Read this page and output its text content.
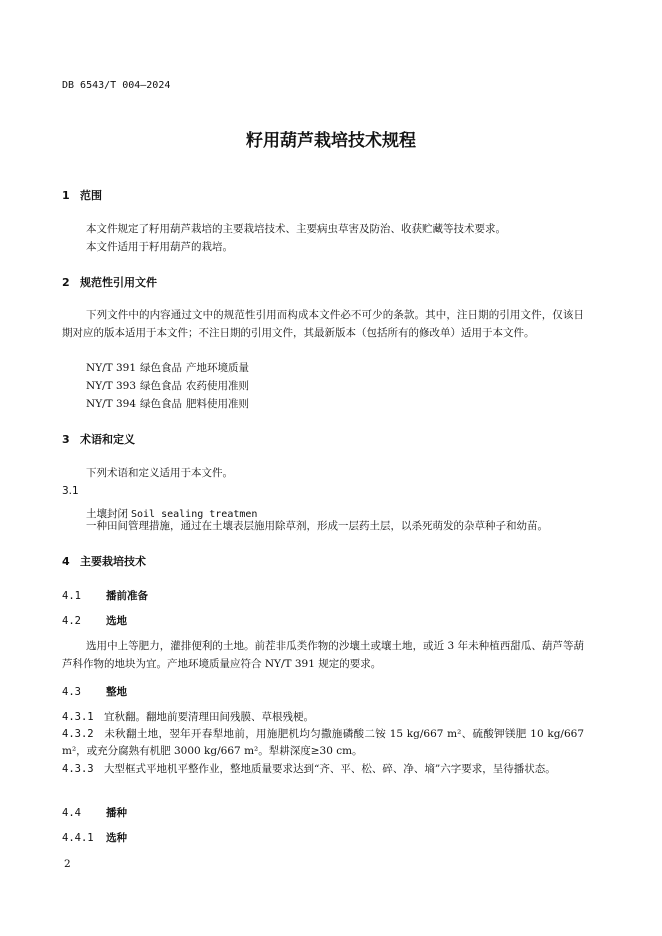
DB 6543/T 004—2024
籽用葫芦栽培技术规程
1 范围
本文件规定了籽用葫芦栽培的主要栽培技术、主要病虫草害及防治、收获贮藏等技术要求。
本文件适用于籽用葫芦的栽培。
2 规范性引用文件
下列文件中的内容通过文中的规范性引用而构成本文件必不可少的条款。其中，注日期的引用文件，仅该日期对应的版本适用于本文件；不注日期的引用文件，其最新版本（包括所有的修改单）适用于本文件。
NY/T 391 绿色食品 产地环境质量
NY/T 393 绿色食品 农药使用准则
NY/T 394 绿色食品 肥料使用准则
3 术语和定义
下列术语和定义适用于本文件。
3.1
土壤封闭 Soil sealing treatmen
一种田间管理措施，通过在土壤表层施用除草剂，形成一层药土层，以杀死萌发的杂草种子和幼苗。
4 主要栽培技术
4.1 播前准备
4.2 选地
选用中上等肥力，灌排便利的土地。前茬非瓜类作物的沙壤土或壤土地，或近 3 年未种植西甜瓜、葫芦等葫芦科作物的地块为宜。产地环境质量应符合 NY/T 391 规定的要求。
4.3 整地
4.3.1 宜秋翻。翻地前要清理田间残膜、草根残梗。
4.3.2 未秋翻土地，翌年开春犁地前，用施肥机均匀撒施磷酸二铵 15 kg/667 m²、硫酸钾镁肥 10 kg/667 m²，或充分腐熟有机肥 3000 kg/667 m²。犁耕深度≥30 cm。
4.3.3 大型框式平地机平整作业，整地质量要求达到“齐、平、松、碎、净、墒”六字要求，呈待播状态。
4.4 播种
4.4.1 选种
2
